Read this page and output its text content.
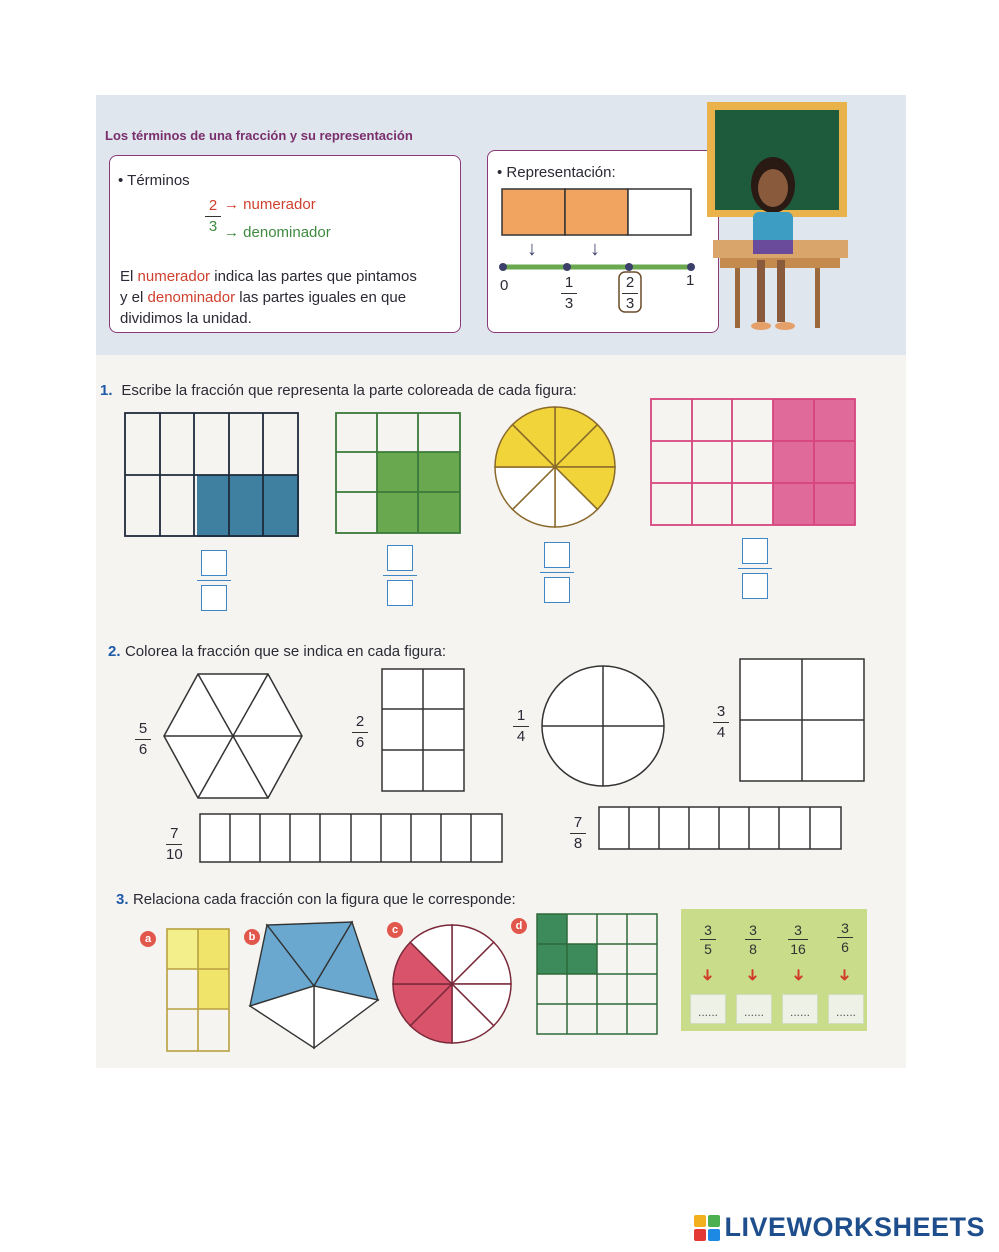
Los términos de una fracción y su representación
• Términos
2
3
→ numerador
→ denominador
El numerador indica las partes que pintamos
y el denominador las partes iguales en que
dividimos la unidad.
• Representación:
↓	↓
0	1
3
2
3
1
1. Escribe la fracción que representa la parte coloreada de cada figura:
2. Colorea la fracción que se indica en cada figura:
5
6
2
6
1
4
3
4
7
10
7
8
3. Relaciona cada fracción con la figura que le corresponde:
a	b
c	d	3
5
3
8
3
16
3
6
➜ ➜ ➜ ➜
......	......	......	......
LIVEWORKSHEETS
